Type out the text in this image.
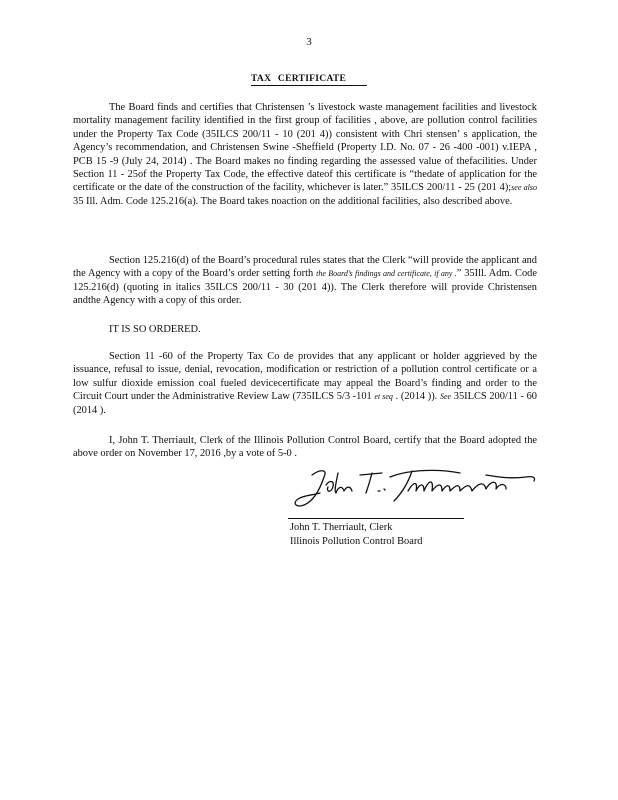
3
TAX CERTIFICATE

The Board finds and certifies that Christensen ’s livestock waste management facilities and livestock mortality management facility identified in the first group of facilities , above, are pollution control facilities under the Property Tax Code (35ILCS 200/11 - 10 (201 4)) consistent with Chri stensen’ s application, the Agency’s recommendation, and Christensen Swine -Sheffield (Property I.D. No. 07 - 26 -400 -001) v.IEPA , PCB 15 -9 (July 24, 2014) . The Board makes no finding regarding the assessed value of thefacilities. Under Section 11 - 25of the Property Tax Code, the effective dateof this certificate is “thedate of application for the certificate or the date of the construction of the facility, whichever is later.” 35ILCS 200/11 - 25 (201 4);see also 35 Ill. Adm. Code 125.216(a). The Board takes noaction on the additional facilities, also described above.

Section 125.216(d) of the Board’s procedural rules states that the Clerk “will provide the applicant and the Agency with a copy of the Board’s order setting forth the Board’s findings and certificate, if any .” 35Ill. Adm. Code 125.216(d) (quoting in italics 35ILCS 200/11 - 30 (201 4)). The Clerk therefore will provide Christensen andthe Agency with a copy of this order.

IT IS SO ORDERED.

Section 11 -60 of the Property Tax Co de provides that any applicant or holder aggrieved by the issuance, refusal to issue, denial, revocation, modification or restriction of a pollution control certificate or a low sulfur dioxide emission coal fueled devicecertificate may appeal the Board’s finding and order to the Circuit Court under the Administrative Review Law (735ILCS 5/3 -101 et seq . (2014 )). See 35ILCS 200/11 - 60 (2014 ).

I, John T. Therriault, Clerk of the Illinois Pollution Control Board, certify that the Board adopted the above order on November 17, 2016 ,by a vote of 5-0 .

John T. Therriault, Clerk
Illinois Pollution Control Board
